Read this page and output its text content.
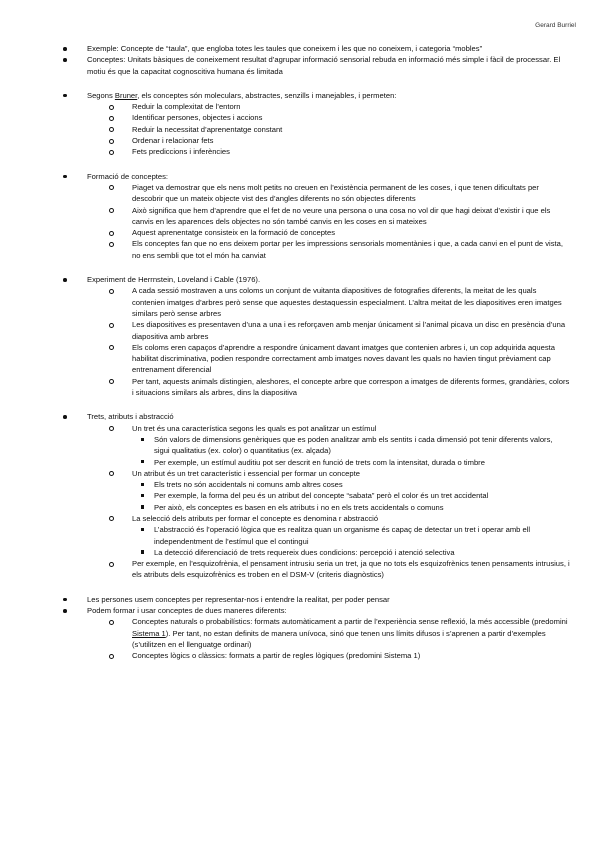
Gerard Burriel
Exemple: Concepte de “taula”, que engloba totes les taules que coneixem i les que no coneixem, i categoria “mobles”
Conceptes: Unitats bàsiques de coneixement resultat d’agrupar informació sensorial rebuda en informació més simple i fàcil de processar. El motiu és que la capacitat cognoscitiva humana és limitada
Segons Bruner, els conceptes són moleculars, abstractes, senzills i manejables, i permeten:
Reduir la complexitat de l’entorn
Identificar persones, objectes i accions
Reduir la necessitat d’aprenentatge constant
Ordenar i relacionar fets
Fets prediccions i inferències
Formació de conceptes:
Piaget va demostrar que els nens molt petits no creuen en l’existència permanent de les coses, i que tenen dificultats per descobrir que un mateix objecte vist des d’angles diferents no són objectes diferents
Això significa que hem d’aprendre que el fet de no veure una persona o una cosa no vol dir que hagi deixat d’existir i que els canvis en les aparences dels objectes no són també canvis en les coses en si mateixes
Aquest aprenentatge consisteix en la formació de conceptes
Els conceptes fan que no ens deixem portar per les impressions sensorials momentànies i que, a cada canvi en el punt de vista, no ens sembli que tot el món ha canviat
Experiment de Herrnstein, Loveland i Cable (1976).
A cada sessió mostraven a uns coloms un conjunt de vuitanta diapositives de fotografies diferents, la meitat de les quals contenien imatges d’arbres però sense que aquestes destaquessin especialment. L’altra meitat de les diapositives eren imatges similars però sense arbres
Les diapositives es presentaven d’una a una i es reforçaven amb menjar únicament si l’animal picava un disc en presència d’una diapositiva amb arbres
Els coloms eren capaços d’aprendre a respondre únicament davant imatges que contenien arbres i, un cop adquirida aquesta habilitat discriminativa, podien respondre correctament amb imatges noves davant les quals no havien tingut prèviament cap entrenament diferencial
Per tant, aquests animals distingien, aleshores, el concepte arbre que correspon a imatges de diferents formes, grandàries, colors i situacions similars als arbres, dins la diapositiva
Trets, atributs i abstracció
Un tret és una característica segons les quals es pot analitzar un estímul
Són valors de dimensions genèriques que es poden analitzar amb els sentits i cada dimensió pot tenir diferents valors, sigui qualitatius (ex. color) o quantitatius (ex. alçada)
Per exemple, un estímul auditiu pot ser descrit en funció de trets com la intensitat, durada o timbre
Un atribut és un tret característic i essencial per formar un concepte
Els trets no són accidentals ni comuns amb altres coses
Per exemple, la forma del peu és un atribut del concepte “sabata” però el color és un tret accidental
Per això, els conceptes es basen en els atributs i no en els trets accidentals o comuns
La selecció dels atributs per formar el concepte es denomina r abstracció
L’abstracció és l’operació lògica que es realitza quan un organisme és capaç de detectar un tret i operar amb ell independentment de l’estímul que el contingui
La detecció diferenciació de trets requereix dues condicions: percepció i atenció selectiva
Per exemple, en l’esquizofrènia, el pensament intrusiu seria un tret, ja que no tots els esquizofrènics tenen pensaments intrusius, i els atributs dels esquizofrènics es troben en el DSM-V (criteris diagnòstics)
Les persones usem conceptes per representar-nos i entendre la realitat, per poder pensar
Podem formar i usar conceptes de dues maneres diferents:
Conceptes naturals o probabilístics: formats automàticament a partir de l’experiència sense reflexió, la més accessible (predomini Sistema 1). Per tant, no estan definits de manera unívoca, sinó que tenen uns límits difusos i s’aprenen a partir d’exemples (s’utilitzen en el llenguatge ordinari)
Conceptes lògics o clàssics: formats a partir de regles lògiques (predomini Sistema 1)
